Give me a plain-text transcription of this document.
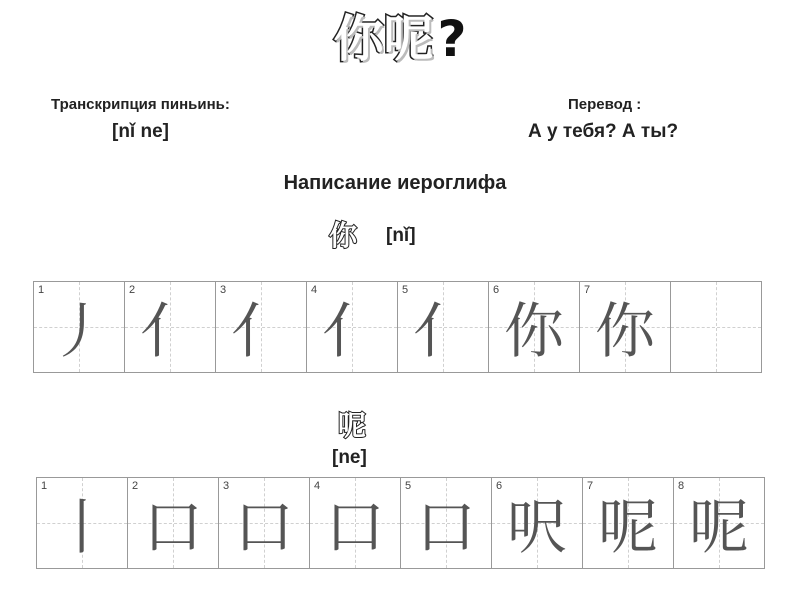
你呢?
Транскрипция пиньинь:
[nǐ ne]
Перевод :
А у тебя? А ты?
Написание иероглифа
你 [nǐ]
1
丿
2
亻
3
亻
4
亻
5
亻
6
你
7
你
呢
[ne]
1
丨
2
口
3
口
4
口
5
口
6
呎
7
呢
8
呢
